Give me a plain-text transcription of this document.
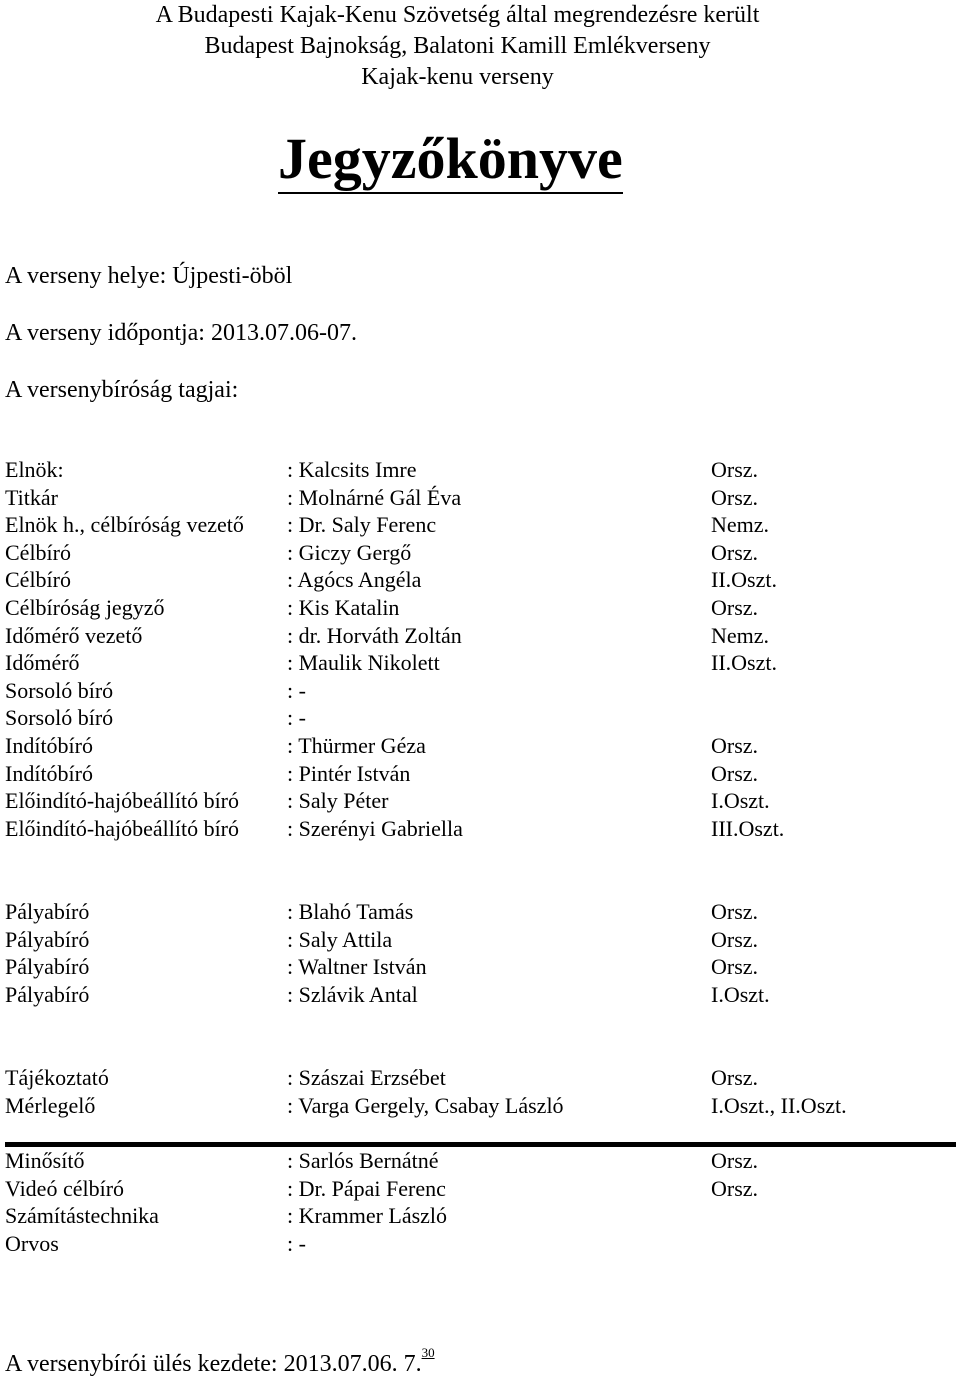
A Budapesti Kajak-Kenu Szövetség által megrendezésre került
Budapest Bajnokság, Balatoni Kamill Emlékverseny
Kajak-kenu verseny
Jegyzőkönyve
A verseny helye: Újpesti-öböl
A verseny időpontja: 2013.07.06-07.
A versenybíróság tagjai:
Elnök:	: Kalcsits Imre	Orsz.
Titkár	: Molnárné Gál Éva	Orsz.
Elnök h., célbíróság vezető : Dr. Saly Ferenc	Nemz.
Célbíró	: Giczy Gergő	Orsz.
Célbíró	: Agócs Angéla	II.Oszt.
Célbíróság jegyző	: Kis Katalin	Orsz.
Időmérő vezető	: dr. Horváth Zoltán	Nemz.
Időmérő	: Maulik Nikolett	II.Oszt.
Sorsoló bíró	: -
Sorsoló bíró	: -
Indítóbíró	: Thürmer Géza	Orsz.
Indítóbíró	: Pintér István	Orsz.
Előindító-hajóbeállító bíró : Saly Péter	I.Oszt.
Előindító-hajóbeállító bíró : Szerényi Gabriella	III.Oszt.
Pályabíró	: Blahó Tamás	Orsz.
Pályabíró	: Saly Attila	Orsz.
Pályabíró	: Waltner István	Orsz.
Pályabíró	: Szlávik Antal	I.Oszt.
Tájékoztató	: Szászai Erzsébet	Orsz.
Mérlegelő	: Varga Gergely, Csabay László	I.Oszt., II.Oszt.
Minősítő	: Sarlós Bernátné	Orsz.
Videó célbíró	: Dr. Pápai Ferenc	Orsz.
Számítástechnika	: Krammer László
Orvos	: -
A versenybírói ülés kezdete: 2013.07.06. 7.30
